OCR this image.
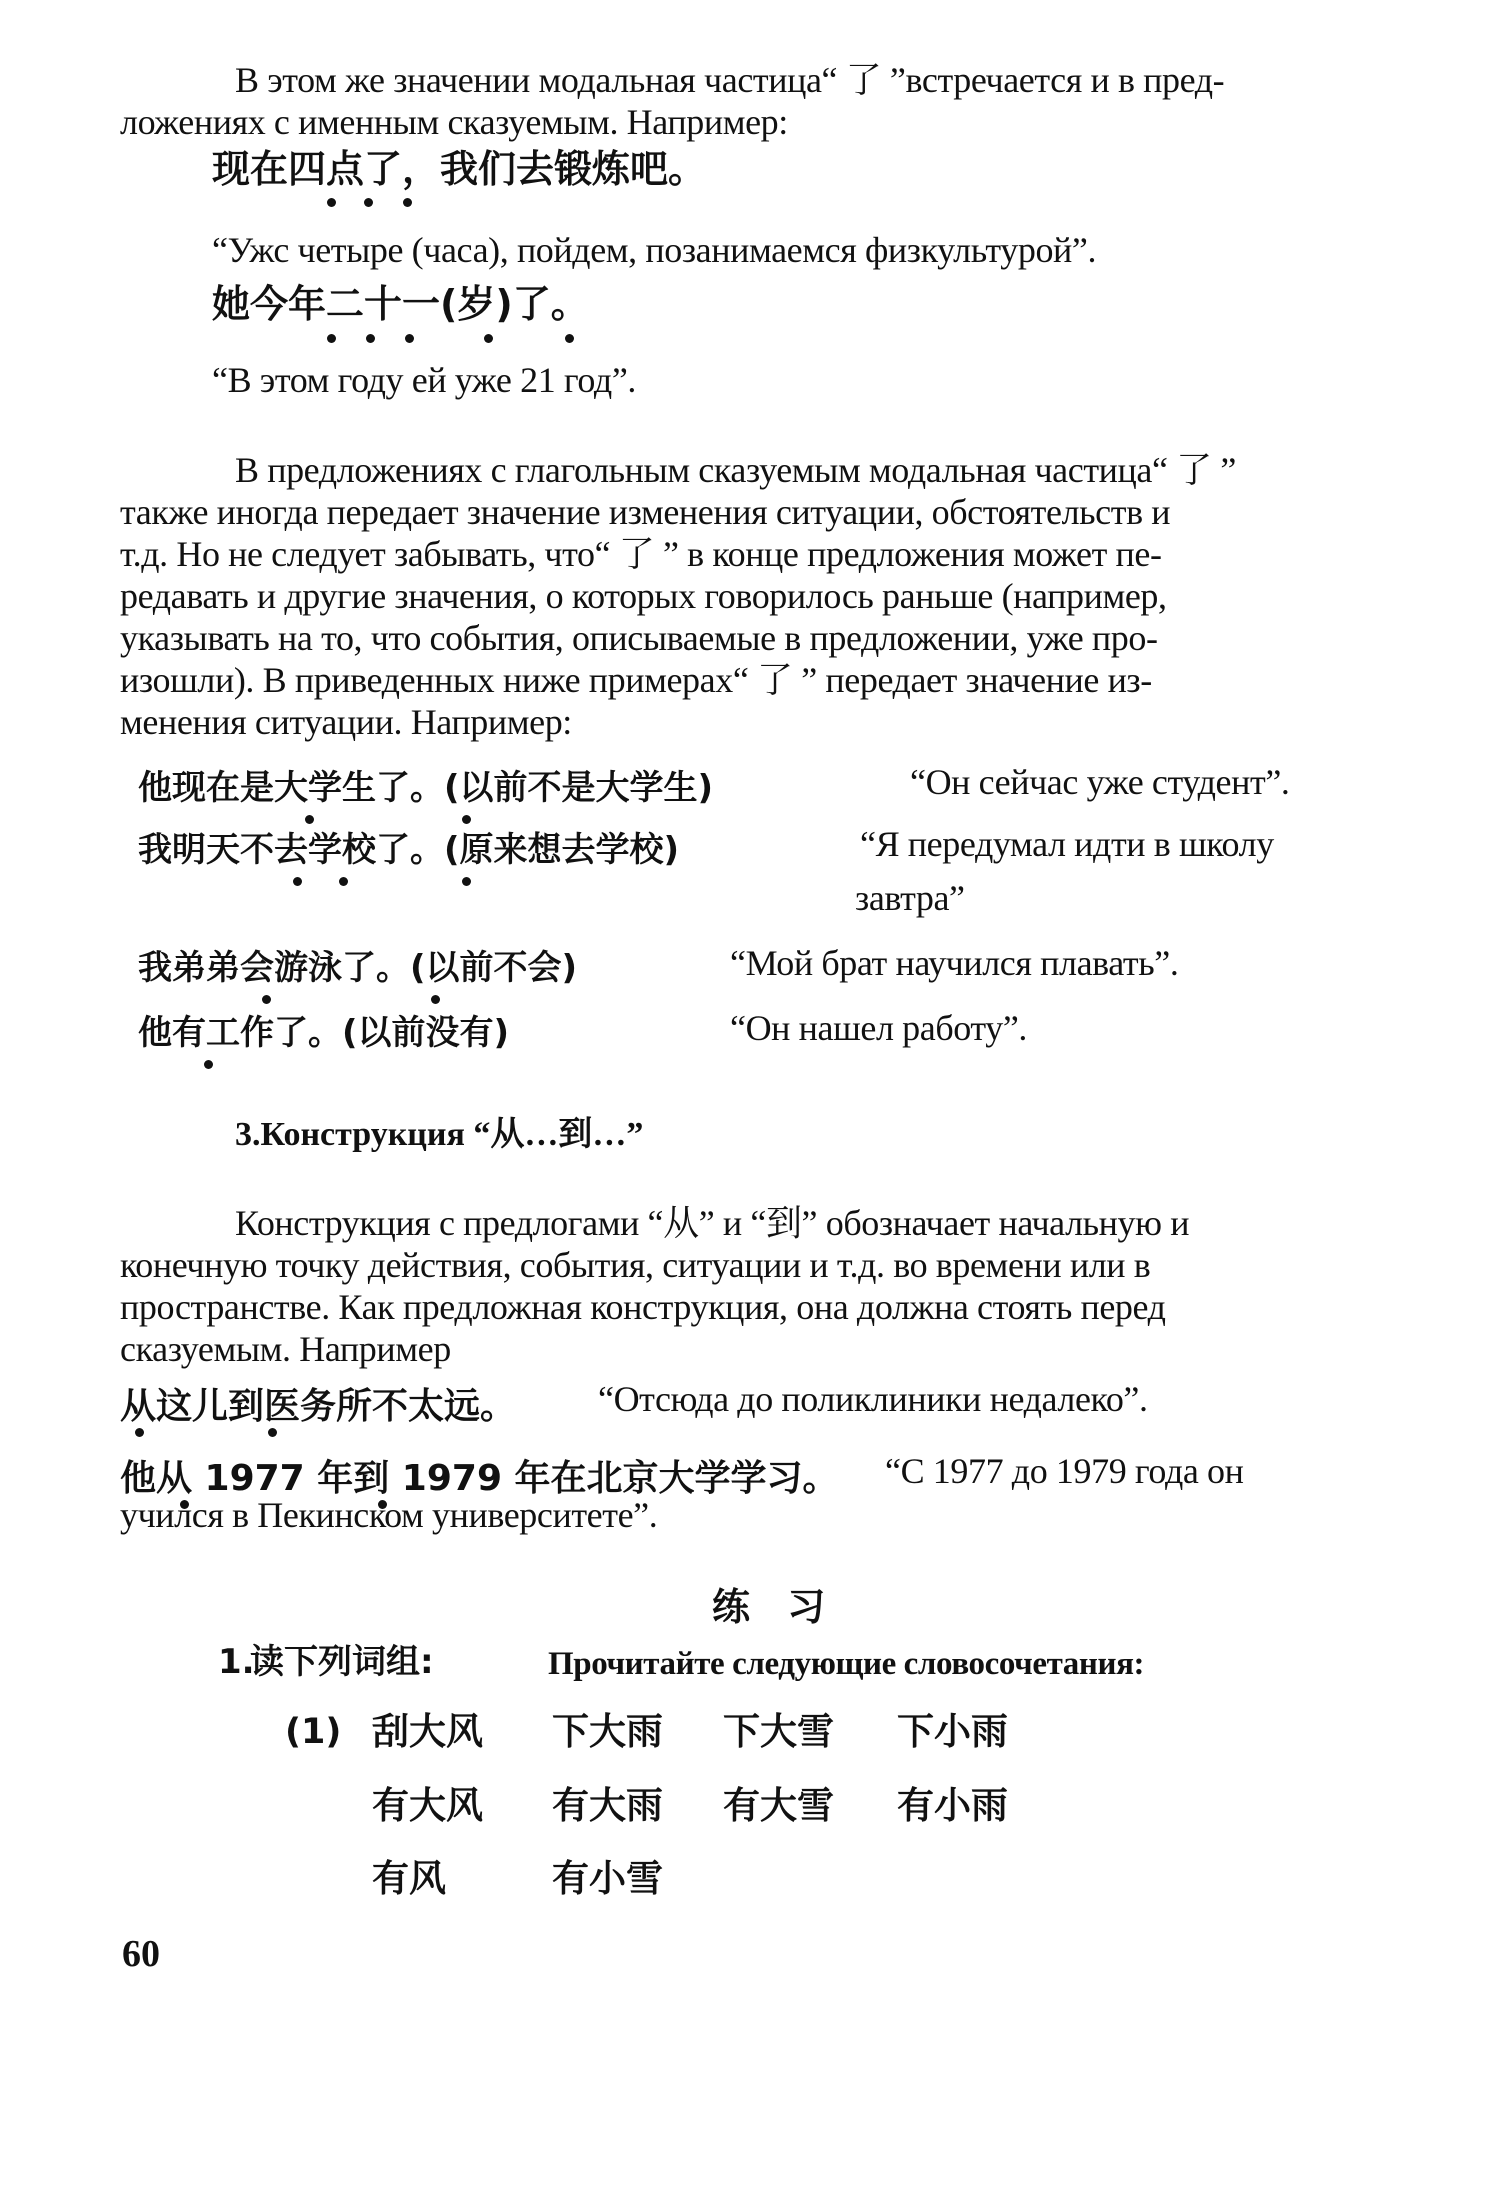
В этом же значении модальная частица“ 了 ”встречается и в пред-
ложениях с именным сказуемым. Например:
现在四点了，我们去锻炼吧。
“Ужс четыре (часа), пойдем, позанимаемся физкультурой”.
她今年二十一(岁)了。
“В этом году ей уже 21 год”.
В предложениях с глагольным сказуемым модальная частица“ 了 ”
также иногда передает значение изменения ситуации, обстоятельств и
т.д. Но не следует забывать, что“ 了 ” в конце предложения может пе-
редавать и другие значения, о которых говорилось раньше (например,
указывать на то, что события, описываемые в предложении, уже про-
изошли). В приведенных ниже примерах“ 了 ” передает значение из-
менения ситуации. Например:
他现在是大学生了。(以前不是大学生)	“Он сейчас уже студент”.
我明天不去学校了。(原来想去学校)	“Я передумал идти в школу
завтра”
我弟弟会游泳了。(以前不会)	“Мой брат научился плавать”.
他有工作了。(以前没有)	“Он нашел работу”.
3.Конструкция “从…到…”
Конструкция с предлогами “从” и “到” обозначает начальную и
конечную точку действия, события, ситуации и т.д. во времени или в
пространстве. Как предложная конструкция, она должна стоять перед
сказуемым. Например
从这儿到医务所不太远。 “Отсюда до поликлиники недалеко”.
他从 1977 年到 1979 年在北京大学学习。 “С 1977 до 1979 года он
учился в Пекинском университете”.
练 习
1.
读下列词组:	Прочитайте следующие словосочетания:
(1) 刮大风 下大雨 下大雪 下小雨
有大风 有大雨 有大雪 有小雨
有风	有小雪
60
